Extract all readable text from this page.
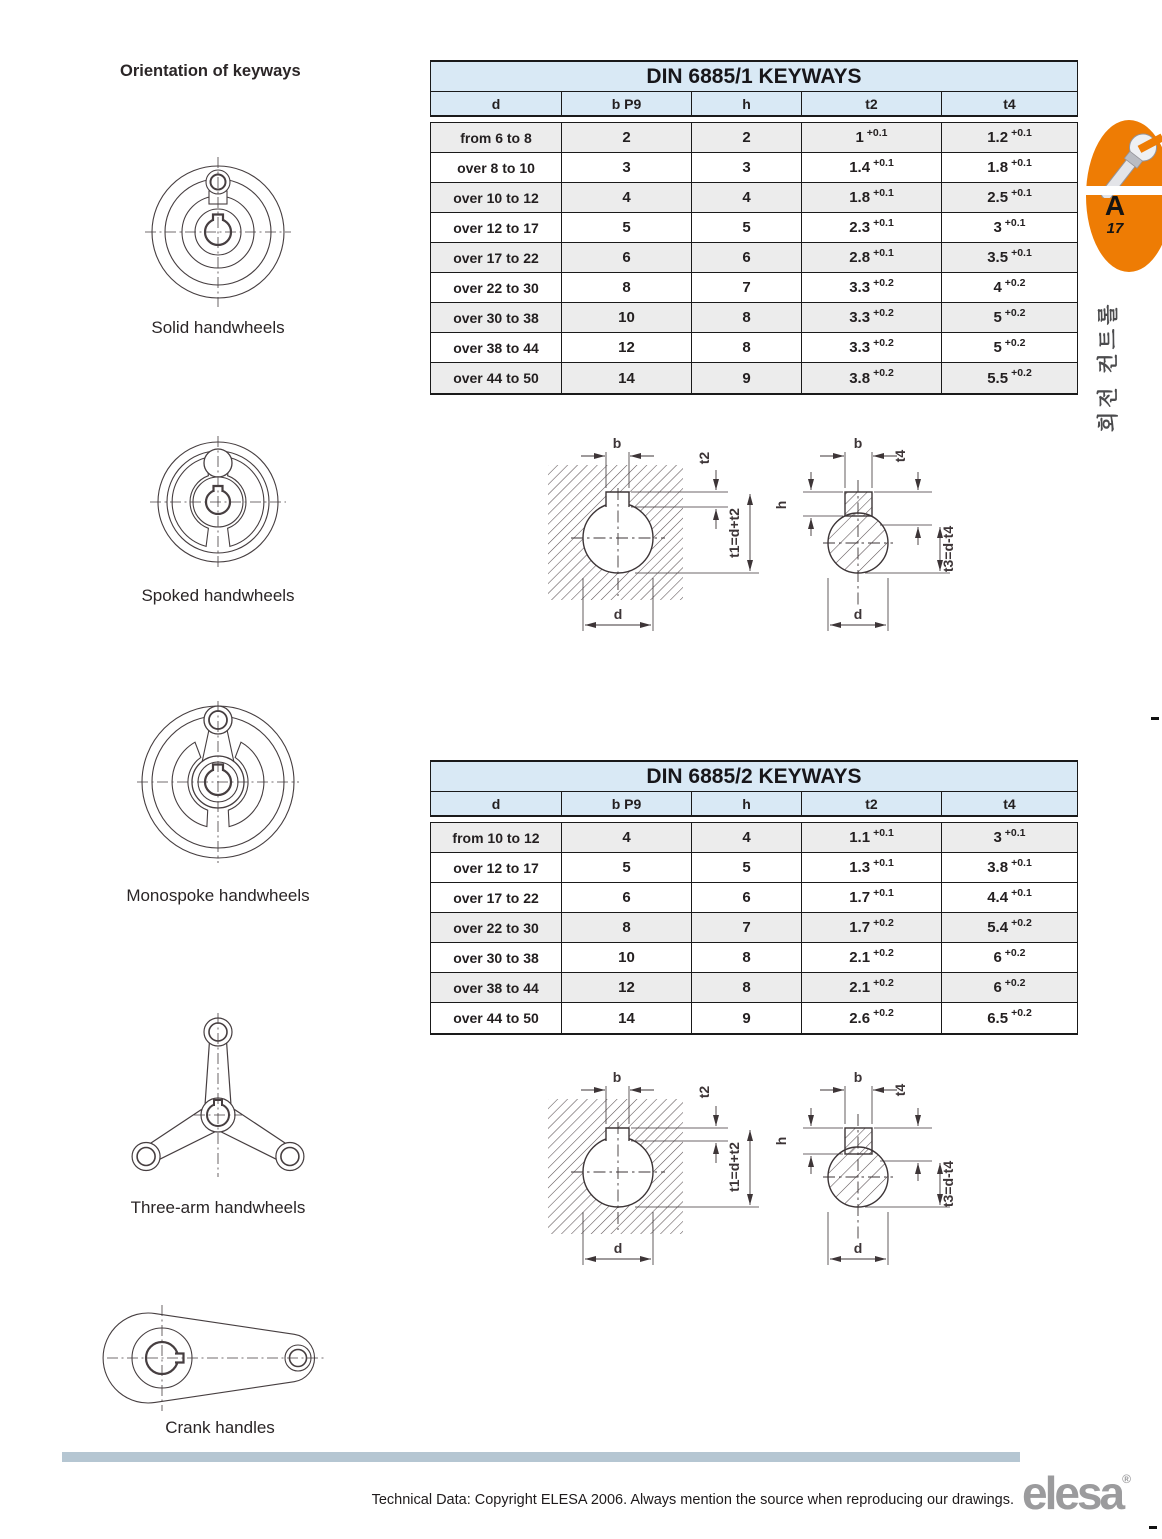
Orientation of keyways
Solid handwheels
Spoked handwheels
Monospoke handwheels
Three-arm handwheels
Crank handles
DIN 6885/1 KEYWAYS
d	b P9	h	t2	t4
from 6 to 8	2	2	1 +0.1	1.2 +0.1
over 8 to 10	3	3	1.4 +0.1	1.8 +0.1
over 10 to 12	4	4	1.8 +0.1	2.5 +0.1
over 12 to 17	5	5	2.3 +0.1	3 +0.1
over 17 to 22	6	6	2.8 +0.1	3.5 +0.1
over 22 to 30	8	7	3.3 +0.2	4 +0.2
over 30 to 38	10	8	3.3 +0.2	5 +0.2
over 38 to 44	12	8	3.3 +0.2	5 +0.2
over 44 to 50	14	9	3.8 +0.2	5.5 +0.2
b
t2
t1=d+t2
d
b
h
t4
t3=d-t4
d
DIN 6885/2 KEYWAYS
d	b P9	h	t2	t4
from 10 to 12	4	4	1.1 +0.1	3 +0.1
over 12 to 17	5	5	1.3 +0.1	3.8 +0.1
over 17 to 22	6	6	1.7 +0.1	4.4 +0.1
over 22 to 30	8	7	1.7 +0.2	5.4 +0.2
over 30 to 38	10	8	2.1 +0.2	6 +0.2
over 38 to 44	12	8	2.1 +0.2	6 +0.2
over 44 to 50	14	9	2.6 +0.2	6.5 +0.2
b
t2
t1=d+t2
d
b
h
t4
t3=d-t4
d
A
17
회전 컨트롤
Technical Data: Copyright ELESA 2006. Always mention the source when reproducing our drawings. elesa®
